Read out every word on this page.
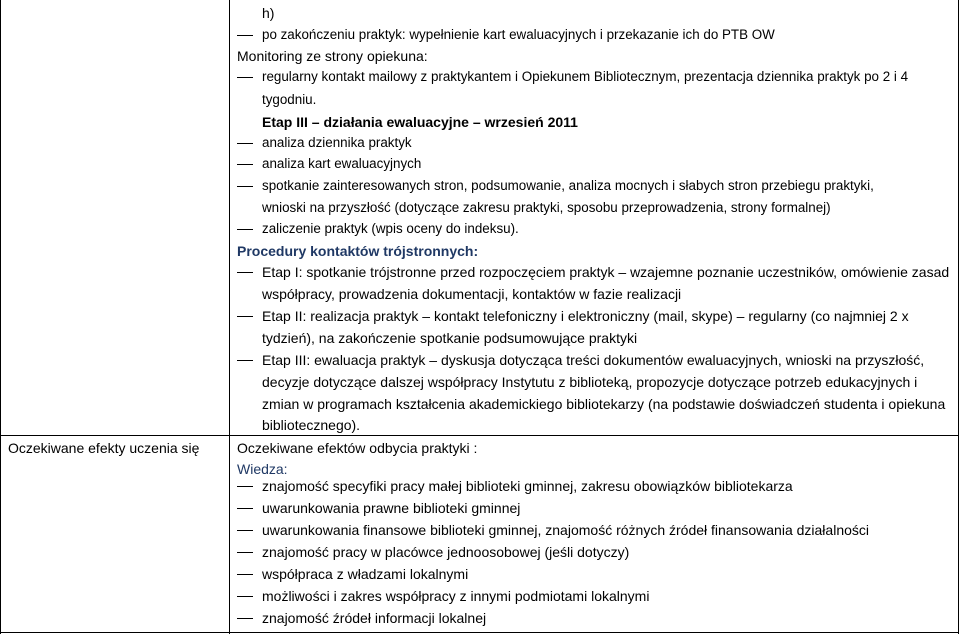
Oczekiwane efekty uczenia się
h)
po zakończeniu praktyk: wypełnienie kart ewaluacyjnych i przekazanie ich do PTB OW
Monitoring ze strony opiekuna:
regularny kontakt mailowy z praktykantem i Opiekunem Bibliotecznym, prezentacja dziennika praktyk po 2 i 4
tygodniu.
Etap III – działania ewaluacyjne – wrzesień 2011
analiza dziennika praktyk
analiza kart ewaluacyjnych
spotkanie zainteresowanych stron, podsumowanie, analiza mocnych i słabych stron przebiegu praktyki,
wnioski na przyszłość (dotyczące zakresu praktyki, sposobu przeprowadzenia, strony formalnej)
zaliczenie praktyk (wpis oceny do indeksu).
Procedury kontaktów trójstronnych:
Etap I: spotkanie trójstronne przed rozpoczęciem praktyk – wzajemne poznanie uczestników, omówienie zasad
współpracy, prowadzenia dokumentacji, kontaktów w fazie realizacji
Etap II: realizacja praktyk – kontakt telefoniczny i elektroniczny (mail, skype) – regularny (co najmniej 2 x
tydzień), na zakończenie spotkanie podsumowujące praktyki
Etap III: ewaluacja praktyk – dyskusja dotycząca treści dokumentów ewaluacyjnych, wnioski na przyszłość,
decyzje dotyczące dalszej współpracy Instytutu z biblioteką, propozycje dotyczące potrzeb edukacyjnych i
zmian w programach kształcenia akademickiego bibliotekarzy (na podstawie doświadczeń studenta i opiekuna
bibliotecznego).
Oczekiwane efektów odbycia praktyki :
Wiedza:
znajomość specyfiki pracy małej biblioteki gminnej, zakresu obowiązków bibliotekarza
uwarunkowania prawne biblioteki gminnej
uwarunkowania finansowe biblioteki gminnej, znajomość różnych źródeł finansowania działalności
znajomość pracy w placówce jednoosobowej (jeśli dotyczy)
współpraca z władzami lokalnymi
możliwości i zakres współpracy z innymi podmiotami lokalnymi
znajomość źródeł informacji lokalnej
